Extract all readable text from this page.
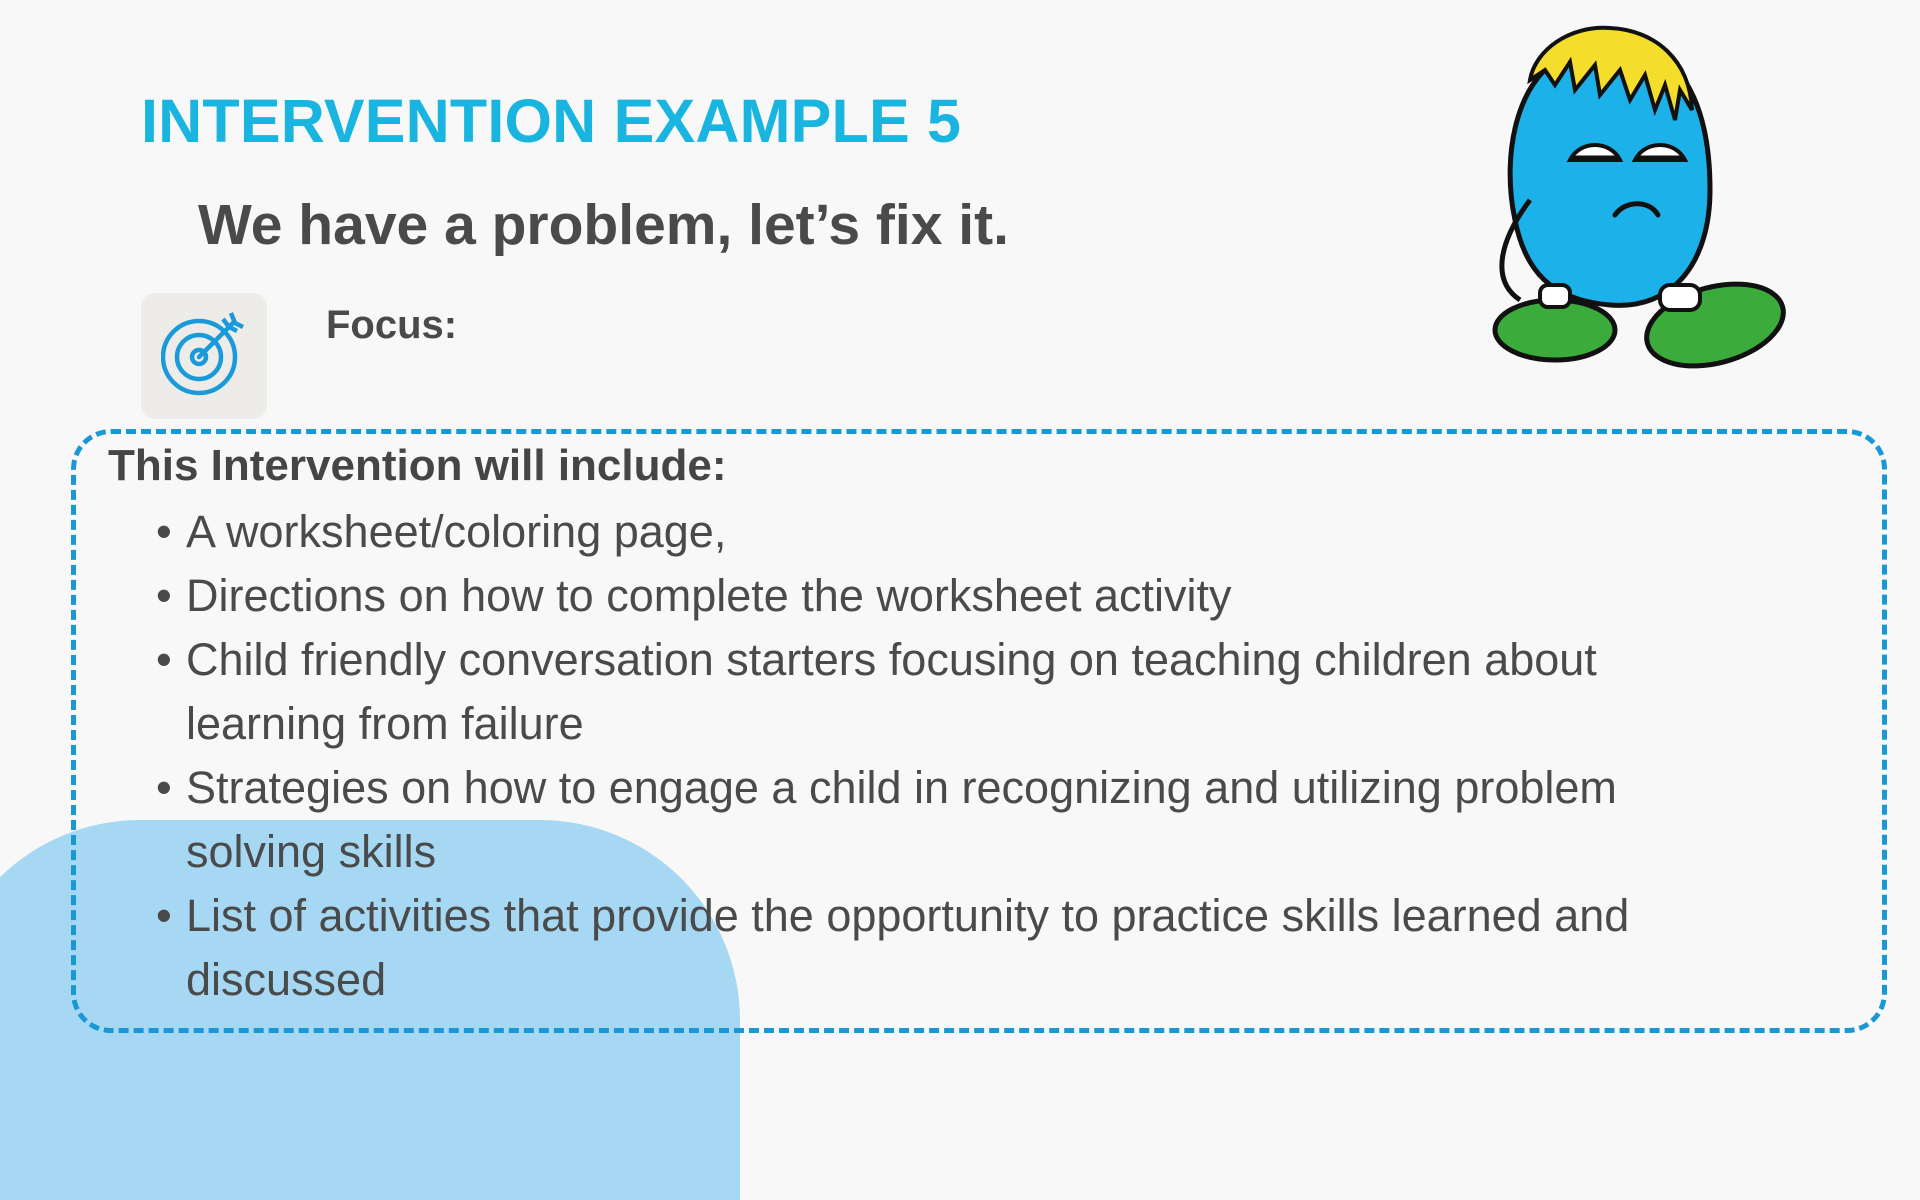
INTERVENTION EXAMPLE 5
We have a problem, let’s fix it.
Focus:
This Intervention will include:
• A worksheet/coloring page,
• Directions on how to complete the worksheet activity
• Child friendly conversation starters focusing on teaching children about learning from failure
• Strategies on how to engage a child in recognizing and utilizing problem solving skills
• List of activities that provide the opportunity to practice skills learned and discussed
